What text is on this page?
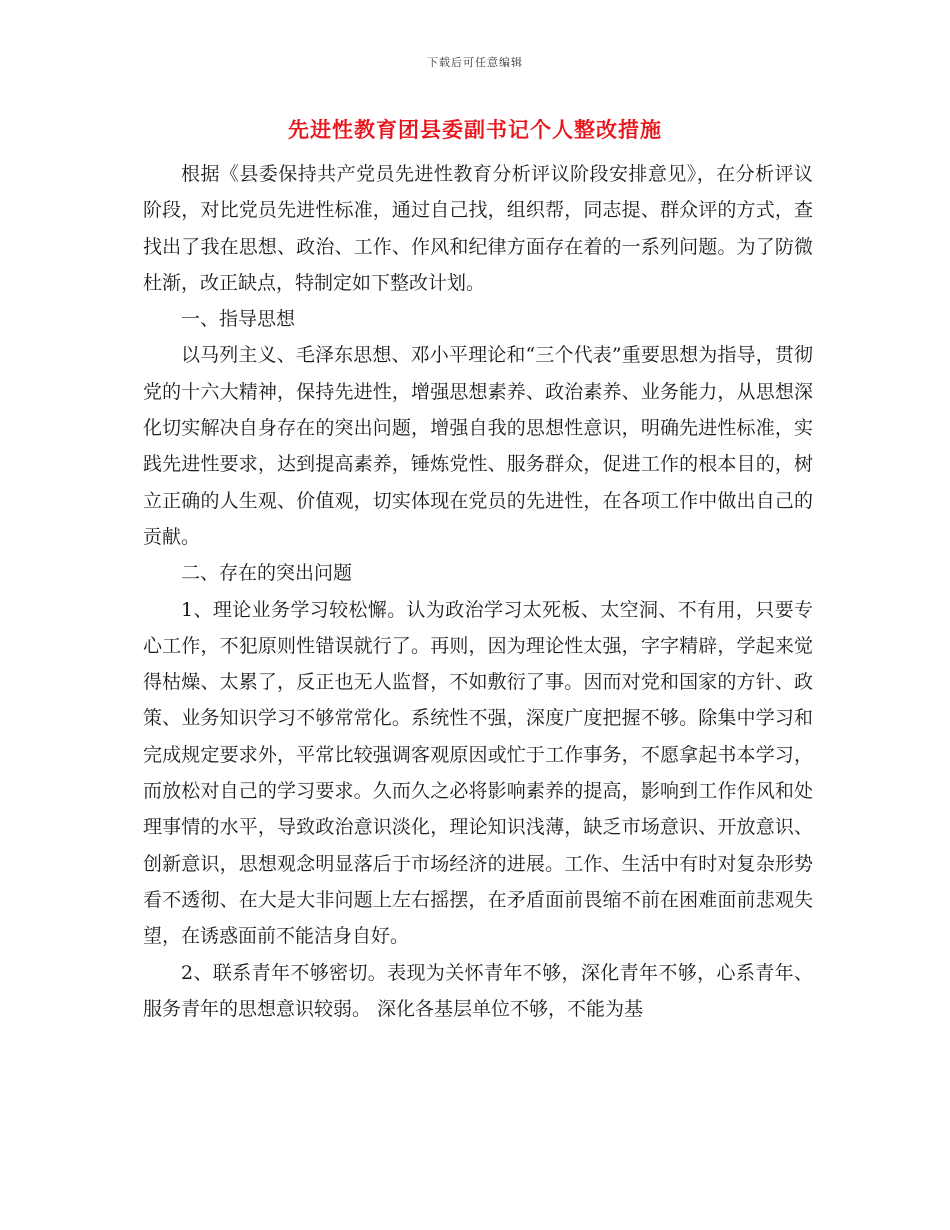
下载后可任意编辑
先进性教育团县委副书记个人整改措施

根据《县委保持共产党员先进性教育分析评议阶段安排意见》，在分析评议阶段，对比党员先进性标准，通过自己找，组织帮，同志提、群众评的方式，查找出了我在思想、政治、工作、作风和纪律方面存在着的一系列问题。为了防微杜渐，改正缺点，特制定如下整改计划。

一、指导思想

以马列主义、毛泽东思想、邓小平理论和“三个代表”重要思想为指导，贯彻党的十六大精神，保持先进性，增强思想素养、政治素养、业务能力，从思想深化切实解决自身存在的突出问题，增强自我的思想性意识，明确先进性标准，实践先进性要求，达到提高素养，锤炼党性、服务群众，促进工作的根本目的，树立正确的人生观、价值观，切实体现在党员的先进性，在各项工作中做出自己的贡献。

二、存在的突出问题

1、理论业务学习较松懈。认为政治学习太死板、太空洞、不有用，只要专心工作，不犯原则性错误就行了。再则，因为理论性太强，字字精辟，学起来觉得枯燥、太累了，反正也无人监督，不如敷衍了事。因而对党和国家的方针、政策、业务知识学习不够常常化。系统性不强，深度广度把握不够。除集中学习和完成规定要求外，平常比较强调客观原因或忙于工作事务，不愿拿起书本学习，而放松对自己的学习要求。久而久之必将影响素养的提高，影响到工作作风和处理事情的水平，导致政治意识淡化，理论知识浅薄，缺乏市场意识、开放意识、创新意识，思想观念明显落后于市场经济的进展。工作、生活中有时对复杂形势看不透彻、在大是大非问题上左右摇摆，在矛盾面前畏缩不前在困难面前悲观失望，在诱惑面前不能洁身自好。

2、联系青年不够密切。表现为关怀青年不够，深化青年不够，心系青年、服务青年的思想意识较弱。 深化各基层单位不够，不能为基
